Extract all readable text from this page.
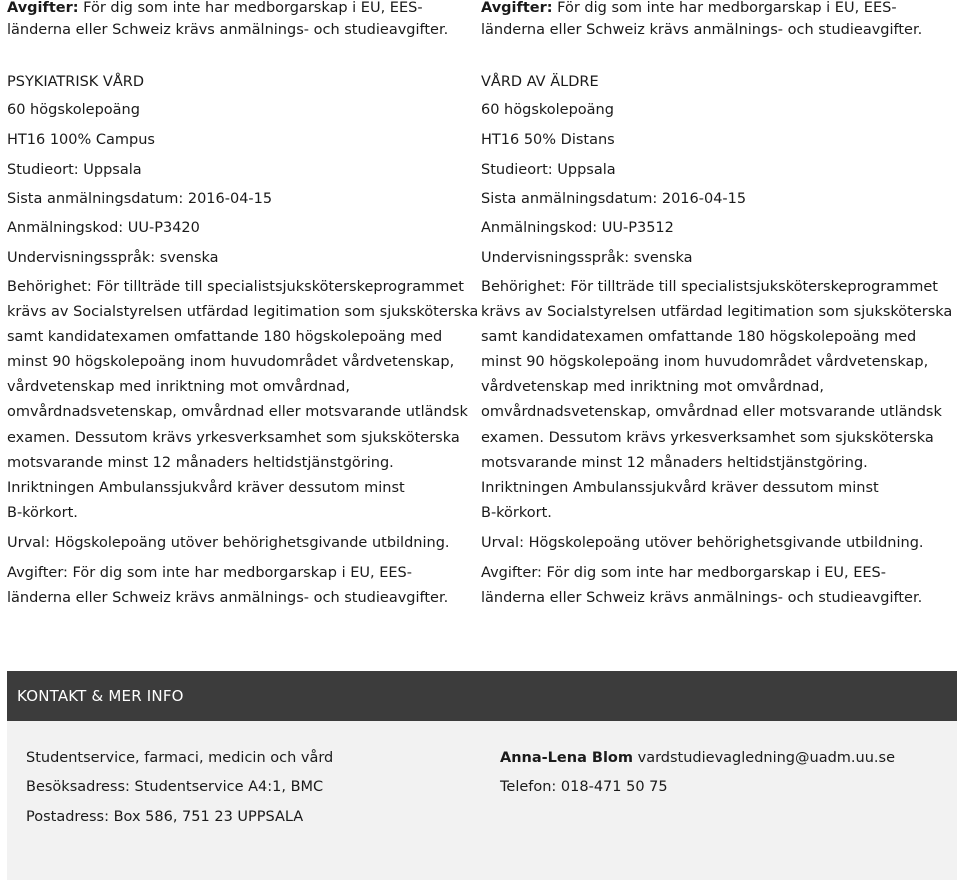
Avgifter: För dig som inte har medborgarskap i EU, EES-
länderna eller Schweiz krävs anmälnings- och studieavgifter.
PSYKIATRISK VÅRD
60 högskolepoäng
HT16 100% Campus
Studieort: Uppsala
Sista anmälningsdatum: 2016-04-15
Anmälningskod: UU-P3420
Undervisningsspråk: svenska
Behörighet: För tillträde till specialistsjuksköterskeprogrammet
krävs av Socialstyrelsen utfärdad legitimation som sjuksköterska
samt kandidatexamen omfattande 180 högskolepoäng med
minst 90 högskolepoäng inom huvudområdet vårdvetenskap,
vårdvetenskap med inriktning mot omvårdnad,
omvårdnadsvetenskap, omvårdnad eller motsvarande utländsk
examen. Dessutom krävs yrkesverksamhet som sjuksköterska
motsvarande minst 12 månaders heltidstjänstgöring.
Inriktningen Ambulanssjukvård kräver dessutom minst
B-körkort.
Urval: Högskolepoäng utöver behörighetsgivande utbildning.
Avgifter: För dig som inte har medborgarskap i EU, EES-
länderna eller Schweiz krävs anmälnings- och studieavgifter.
Avgifter: För dig som inte har medborgarskap i EU, EES-
länderna eller Schweiz krävs anmälnings- och studieavgifter.
VÅRD AV ÄLDRE
60 högskolepoäng
HT16 50% Distans
Studieort: Uppsala
Sista anmälningsdatum: 2016-04-15
Anmälningskod: UU-P3512
Undervisningsspråk: svenska
Behörighet: För tillträde till specialistsjuksköterskeprogrammet
krävs av Socialstyrelsen utfärdad legitimation som sjuksköterska
samt kandidatexamen omfattande 180 högskolepoäng med
minst 90 högskolepoäng inom huvudområdet vårdvetenskap,
vårdvetenskap med inriktning mot omvårdnad,
omvårdnadsvetenskap, omvårdnad eller motsvarande utländsk
examen. Dessutom krävs yrkesverksamhet som sjuksköterska
motsvarande minst 12 månaders heltidstjänstgöring.
Inriktningen Ambulanssjukvård kräver dessutom minst
B-körkort.
Urval: Högskolepoäng utöver behörighetsgivande utbildning.
Avgifter: För dig som inte har medborgarskap i EU, EES-
länderna eller Schweiz krävs anmälnings- och studieavgifter.
KONTAKT & MER INFO
Studentservice, farmaci, medicin och vård
Besöksadress: Studentservice A4:1, BMC
Postadress: Box 586, 751 23 UPPSALA
Anna-Lena Blom vardstudievagledning@uadm.uu.se
Telefon: 018-471 50 75
